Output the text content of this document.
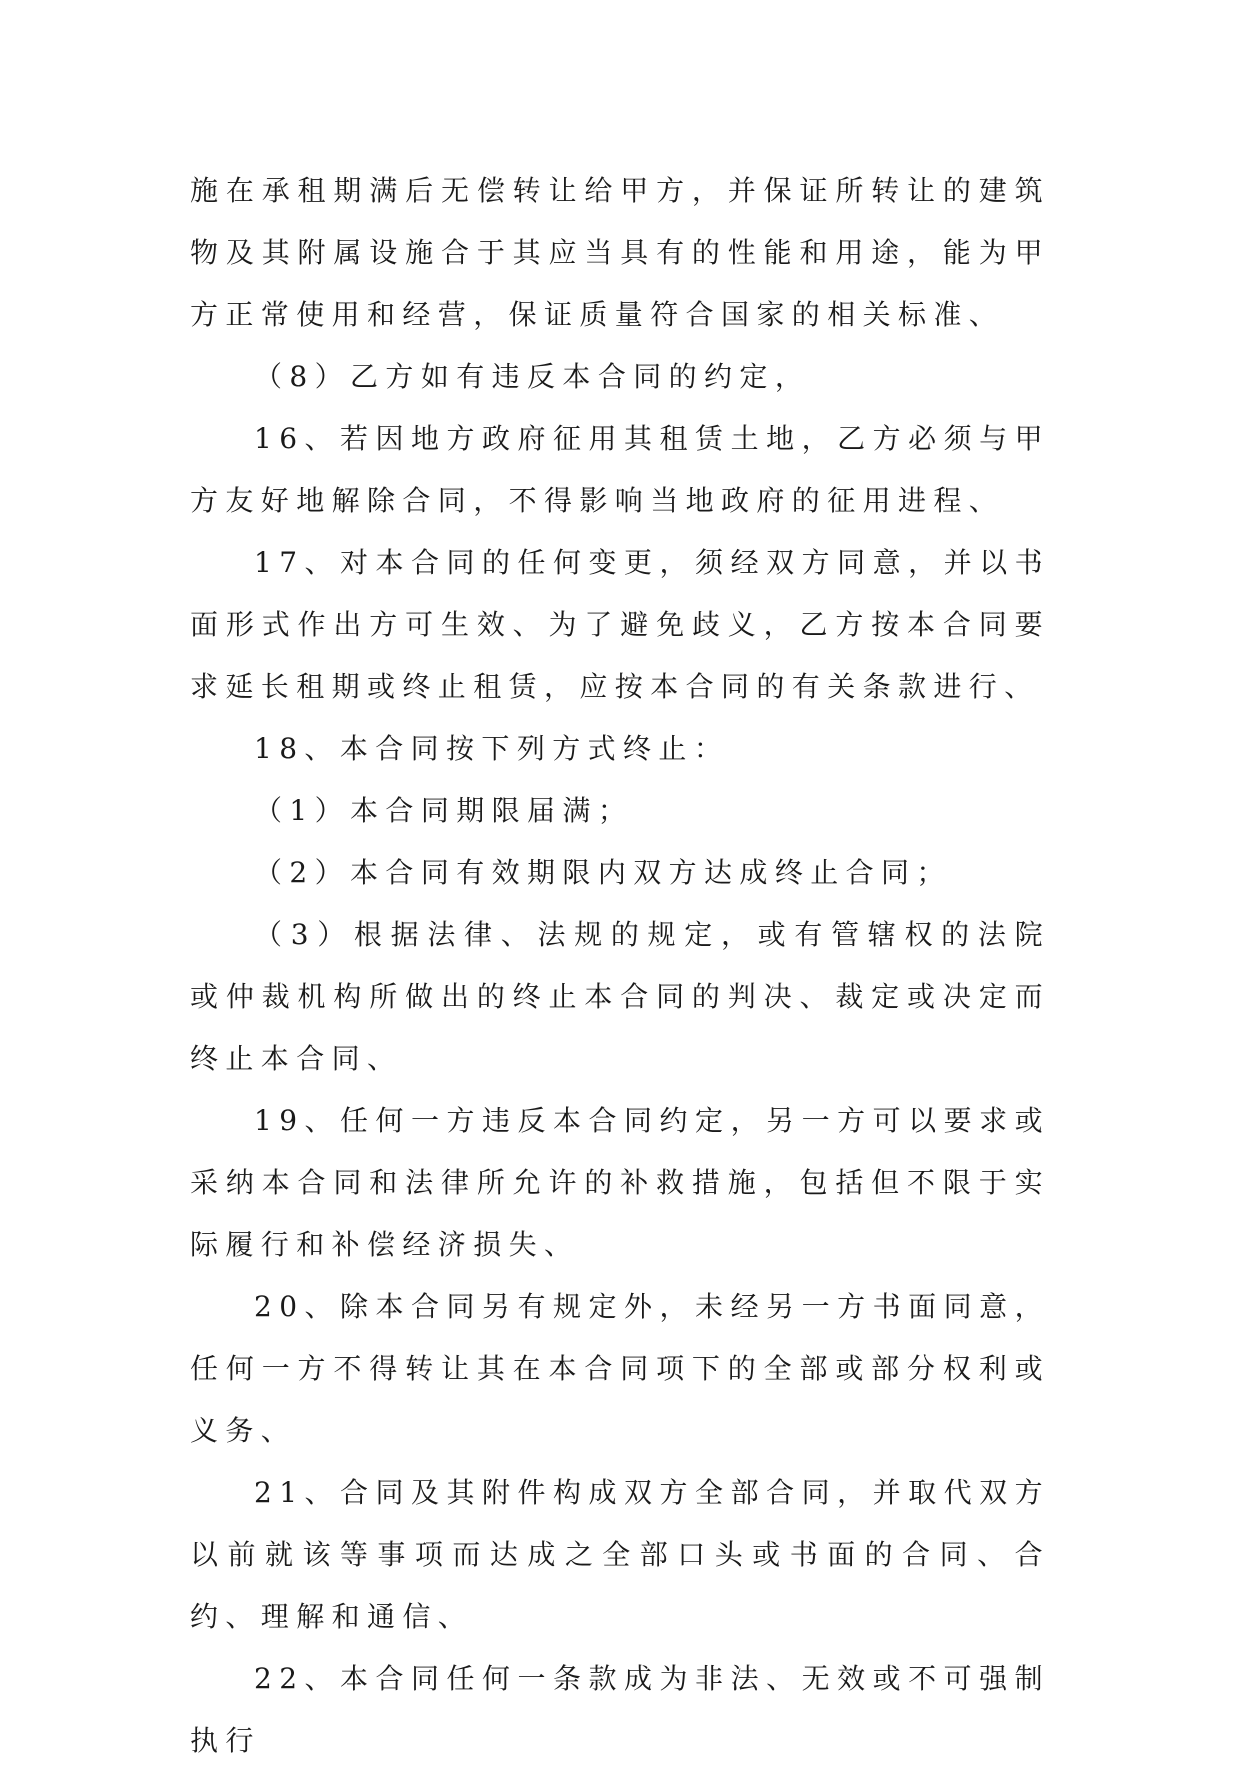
施在承租期满后无偿转让给甲方，并保证所转让的建筑物及其附属设施合于其应当具有的性能和用途，能为甲方正常使用和经营，保证质量符合国家的相关标准、

（8）乙方如有违反本合同的约定，

16、若因地方政府征用其租赁土地，乙方必须与甲方友好地解除合同，不得影响当地政府的征用进程、

17、对本合同的任何变更，须经双方同意，并以书面形式作出方可生效、为了避免歧义，乙方按本合同要求延长租期或终止租赁，应按本合同的有关条款进行、

18、本合同按下列方式终止：

（1）本合同期限届满；

（2）本合同有效期限内双方达成终止合同；

（3）根据法律、法规的规定，或有管辖权的法院或仲裁机构所做出的终止本合同的判决、裁定或决定而终止本合同、

19、任何一方违反本合同约定，另一方可以要求或采纳本合同和法律所允许的补救措施，包括但不限于实际履行和补偿经济损失、

20、除本合同另有规定外，未经另一方书面同意，任何一方不得转让其在本合同项下的全部或部分权利或义务、

21、合同及其附件构成双方全部合同，并取代双方以前就该等事项而达成之全部口头或书面的合同、合约、理解和通信、

22、本合同任何一条款成为非法、无效或不可强制执行
